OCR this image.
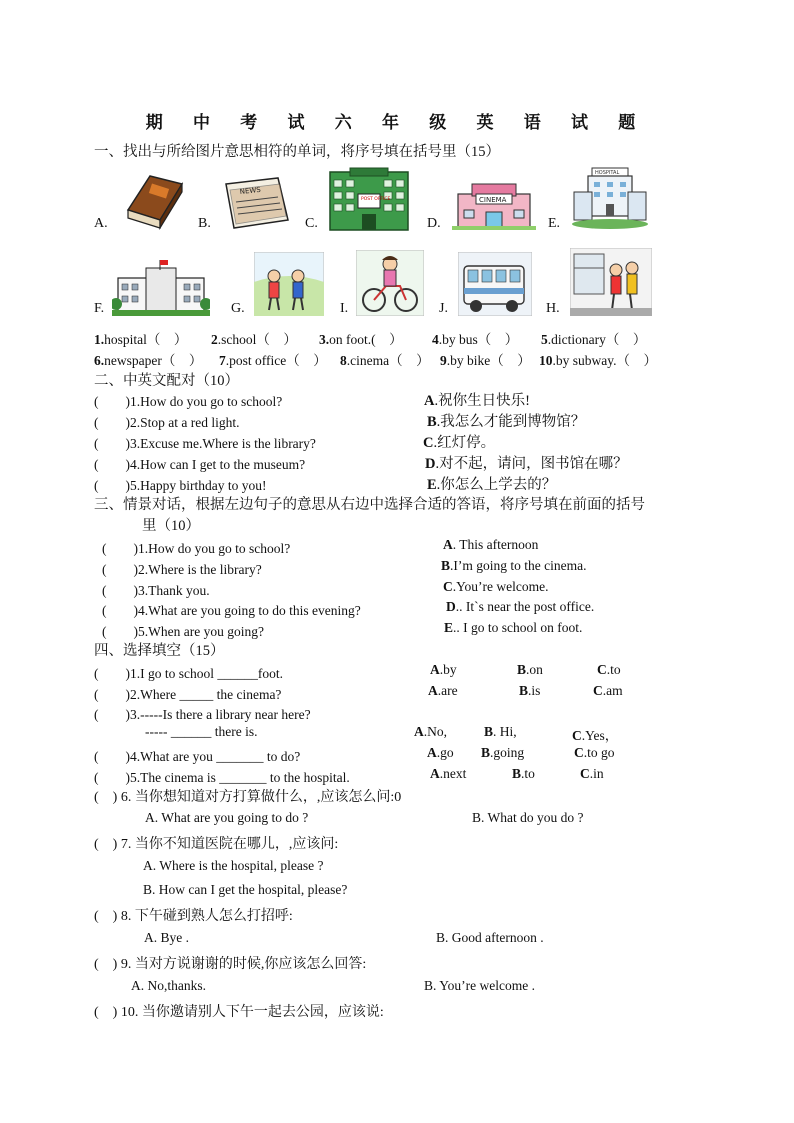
期 中 考 试 六 年 级 英 语 试 题
一、找出与所给图片意思相符的单词，将序号填在括号里（15）
A.	B.	C.	D.	E.
NEWS
POST OFFICE	CINEMA
HOSPITAL
F.	G.	I.	J.	H.
1.hospital（　） 2.school（　） 3.on foot.(　） 4.by bus（　） 5.dictionary（　）
6.newspaper（　） 7.post office（　） 8.cinema（　） 9.by bike（　） 10.by subway.（　）
二、中英文配对（10）
(　　)1.How do you go to school?	A.祝你生日快乐!
(　　)2.Stop at a red light.	B.我怎么才能到博物馆？
(　　)3.Excuse me.Where is the library?	C.红灯停。
(　　)4.How can I get to the museum?	D.对不起，请问，图书馆在哪？
(　　)5.Happy birthday to you!	E.你怎么上学去的？
三、情景对话，根据左边句子的意思从右边中选择合适的答语，将序号填在前面的括号
里（10）
(　　)1.How do you go to school?	A. This afternoon
(　　)2.Where is the library?	B.I’m going to the cinema.
(　　)3.Thank you.	C.You’re welcome.
(　　)4.What are you going to do this evening?	D.. It`s near the post office.
(　　)5.When are you going?	E.. I go to school on foot.
四、选择填空（15）
(　　)1.I go to school ______foot.	A.by	B.on	C.to
(　　)2.Where _____ the cinema?	A.are	B.is	C.am
(　　)3.-----Is there a library near here?
----- ______ there is.	A.No,	B. Hi,	C.Yes，
(　　)4.What are you _______ to do?	A.go B.going	C.to go
(　　)5.The cinema is _______ to the hospital.	A.next	B.to	C.in
(　) 6. 当你想知道对方打算做什么，,应该怎么问:0
A. What are you going to do ?	B. What do you do ?
(　) 7. 当你不知道医院在哪儿，,应该问:
A. Where is the hospital, please ?
B. How can I get the hospital, please?
(　) 8. 下午碰到熟人怎么打招呼:
A. Bye .	B. Good afternoon .
(　) 9. 当对方说谢谢的时候,你应该怎么回答:
A. No,thanks.	B. You’re welcome .
(　) 10. 当你邀请别人下午一起去公园，应该说:
